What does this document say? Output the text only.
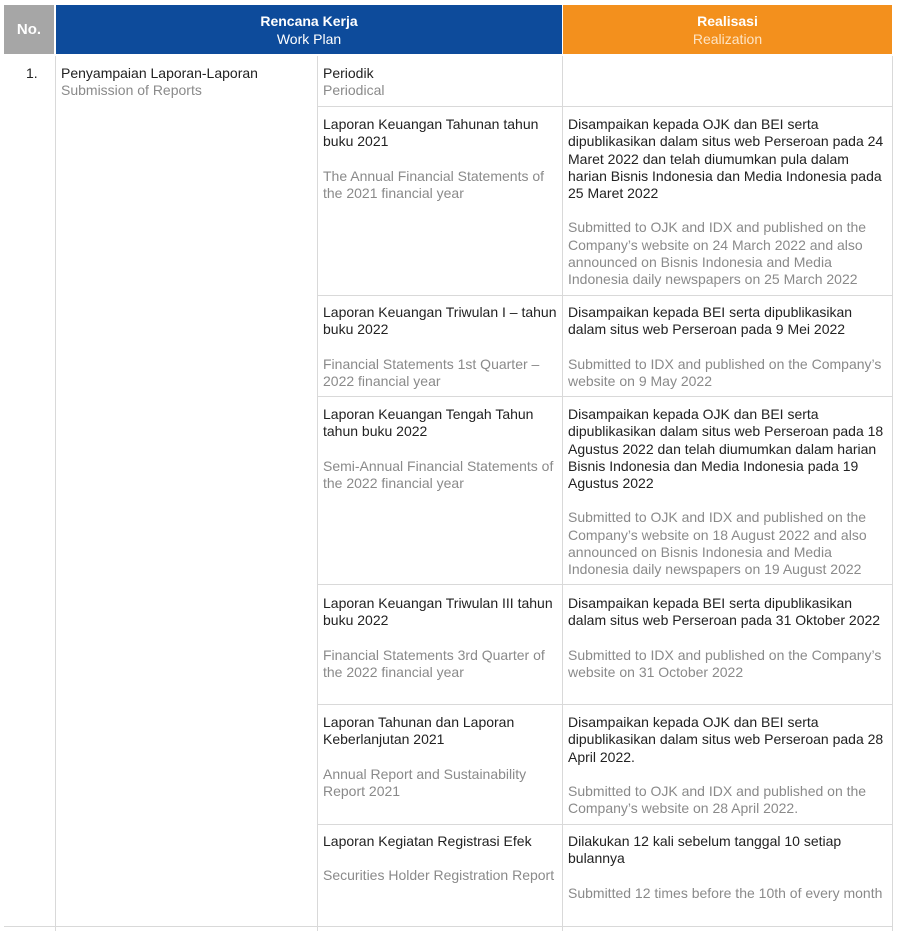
No.	Rencana Kerja
Work Plan
Realisasi
Realization
1. Penyampaian Laporan-Laporan
Submission of Reports
Periodik
Periodical
Laporan Keuangan Tahunan tahun buku 2021
The Annual Financial Statements of the 2021 financial year
Disampaikan kepada OJK dan BEI serta dipublikasikan dalam situs web Perseroan pada 24 Maret 2022 dan telah diumumkan pula dalam harian Bisnis Indonesia dan Media Indonesia pada 25 Maret 2022
Submitted to OJK and IDX and published on the Company’s website on 24 March 2022 and also announced on Bisnis Indonesia and Media Indonesia daily newspapers on 25 March 2022
Laporan Keuangan Triwulan I – tahun buku 2022
Financial Statements 1st Quarter – 2022 financial year
Disampaikan kepada BEI serta dipublikasikan dalam situs web Perseroan pada 9 Mei 2022
Submitted to IDX and published on the Company’s website on 9 May 2022
Laporan Keuangan Tengah Tahun tahun buku 2022
Semi-Annual Financial Statements of the 2022 financial year
Disampaikan kepada OJK dan BEI serta dipublikasikan dalam situs web Perseroan pada 18 Agustus 2022 dan telah diumumkan dalam harian Bisnis Indonesia dan Media Indonesia pada 19 Agustus 2022
Submitted to OJK and IDX and published on the Company’s website on 18 August 2022 and also announced on Bisnis Indonesia and Media Indonesia daily newspapers on 19 August 2022
Laporan Keuangan Triwulan III tahun buku 2022
Financial Statements 3rd Quarter of the 2022 financial year
Disampaikan kepada BEI serta dipublikasikan dalam situs web Perseroan pada 31 Oktober 2022
Submitted to IDX and published on the Company’s website on 31 October 2022
Laporan Tahunan dan Laporan Keberlanjutan 2021
Annual Report and Sustainability Report 2021
Disampaikan kepada OJK dan BEI serta dipublikasikan dalam situs web Perseroan pada 28 April 2022.
Submitted to OJK and IDX and published on the Company’s website on 28 April 2022.
Laporan Kegiatan Registrasi Efek
Securities Holder Registration Report
Dilakukan 12 kali sebelum tanggal 10 setiap bulannya
Submitted 12 times before the 10th of every month
